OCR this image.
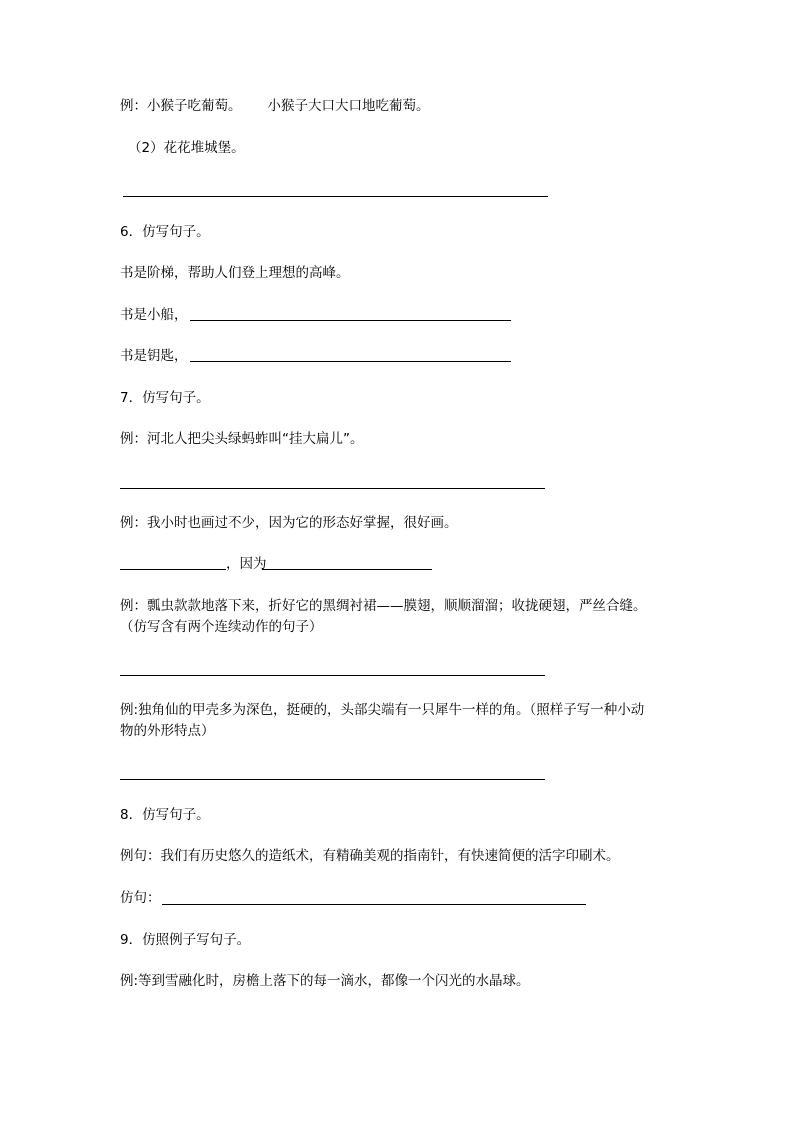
例：小猴子吃葡萄。 小猴子大口大口地吃葡萄。
（2）花花堆城堡。
6．仿写句子。
书是阶梯，帮助人们登上理想的高峰。
书是小船，
书是钥匙，
7．仿写句子。
例：河北人把尖头绿蚂蚱叫“挂大扁儿”。
例：我小时也画过不少，因为它的形态好掌握，很好画。
，因为
例：瓢虫款款地落下来，折好它的黑绸衬裙——膜翅，顺顺溜溜；收拢硬翅，严丝合缝。
（仿写含有两个连续动作的句子）
例:独角仙的甲壳多为深色，挺硬的，头部尖端有一只犀牛一样的角。（照样子写一种小动
物的外形特点）
8．仿写句子。
例句：我们有历史悠久的造纸术，有精确美观的指南针，有快速简便的活字印刷术。
仿句：
9．仿照例子写句子。
例:等到雪融化时，房檐上落下的每一滴水，都像一个闪光的水晶球。
